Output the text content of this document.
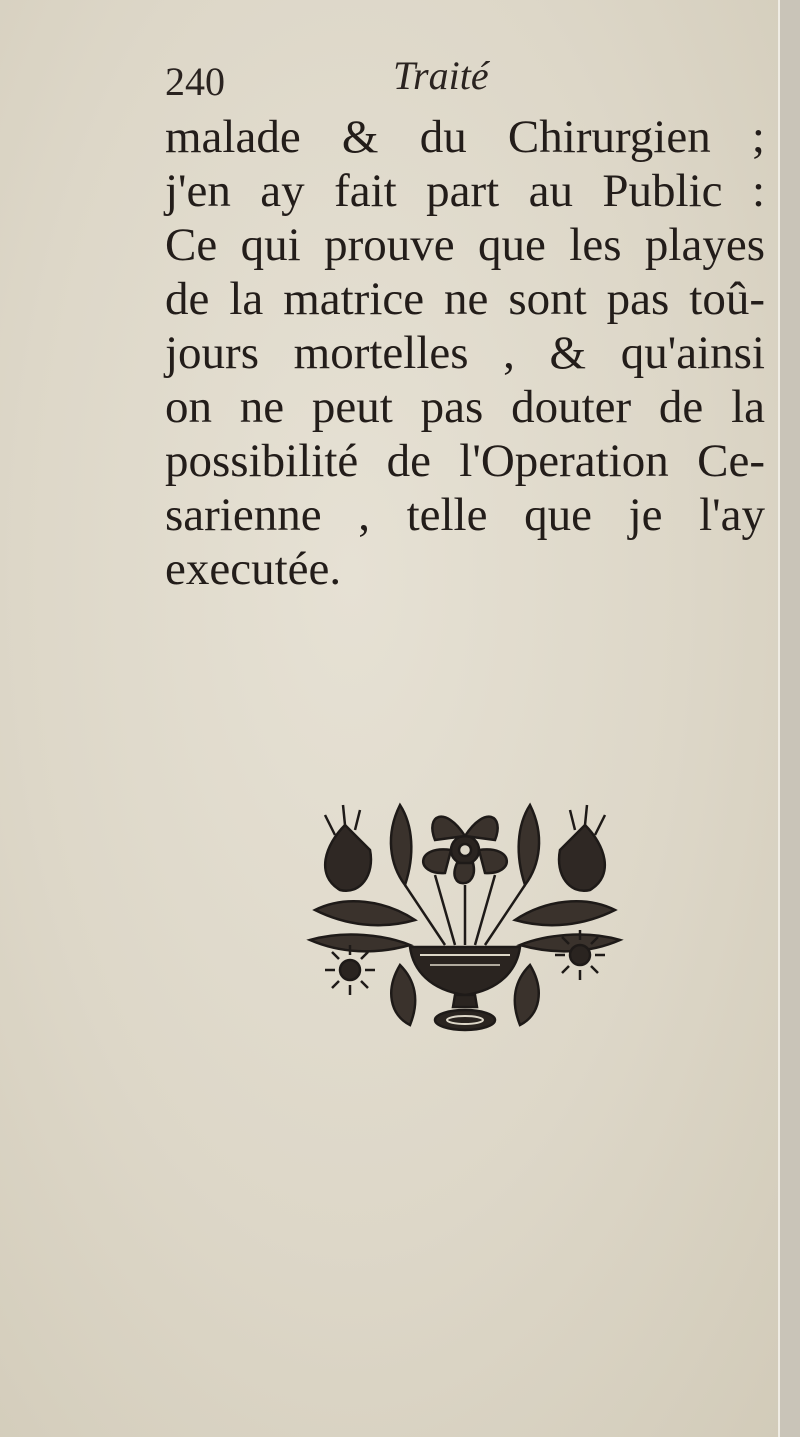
240	Traité
malade & du Chirurgien ;
j'en ay fait part au Public :
Ce qui prouve que les playes
de la matrice ne sont pas toû-
jours mortelles , & qu'ainsi
on ne peut pas douter de la
possibilité de l'Operation Ce-
sarienne , telle que je l'ay
executée.
